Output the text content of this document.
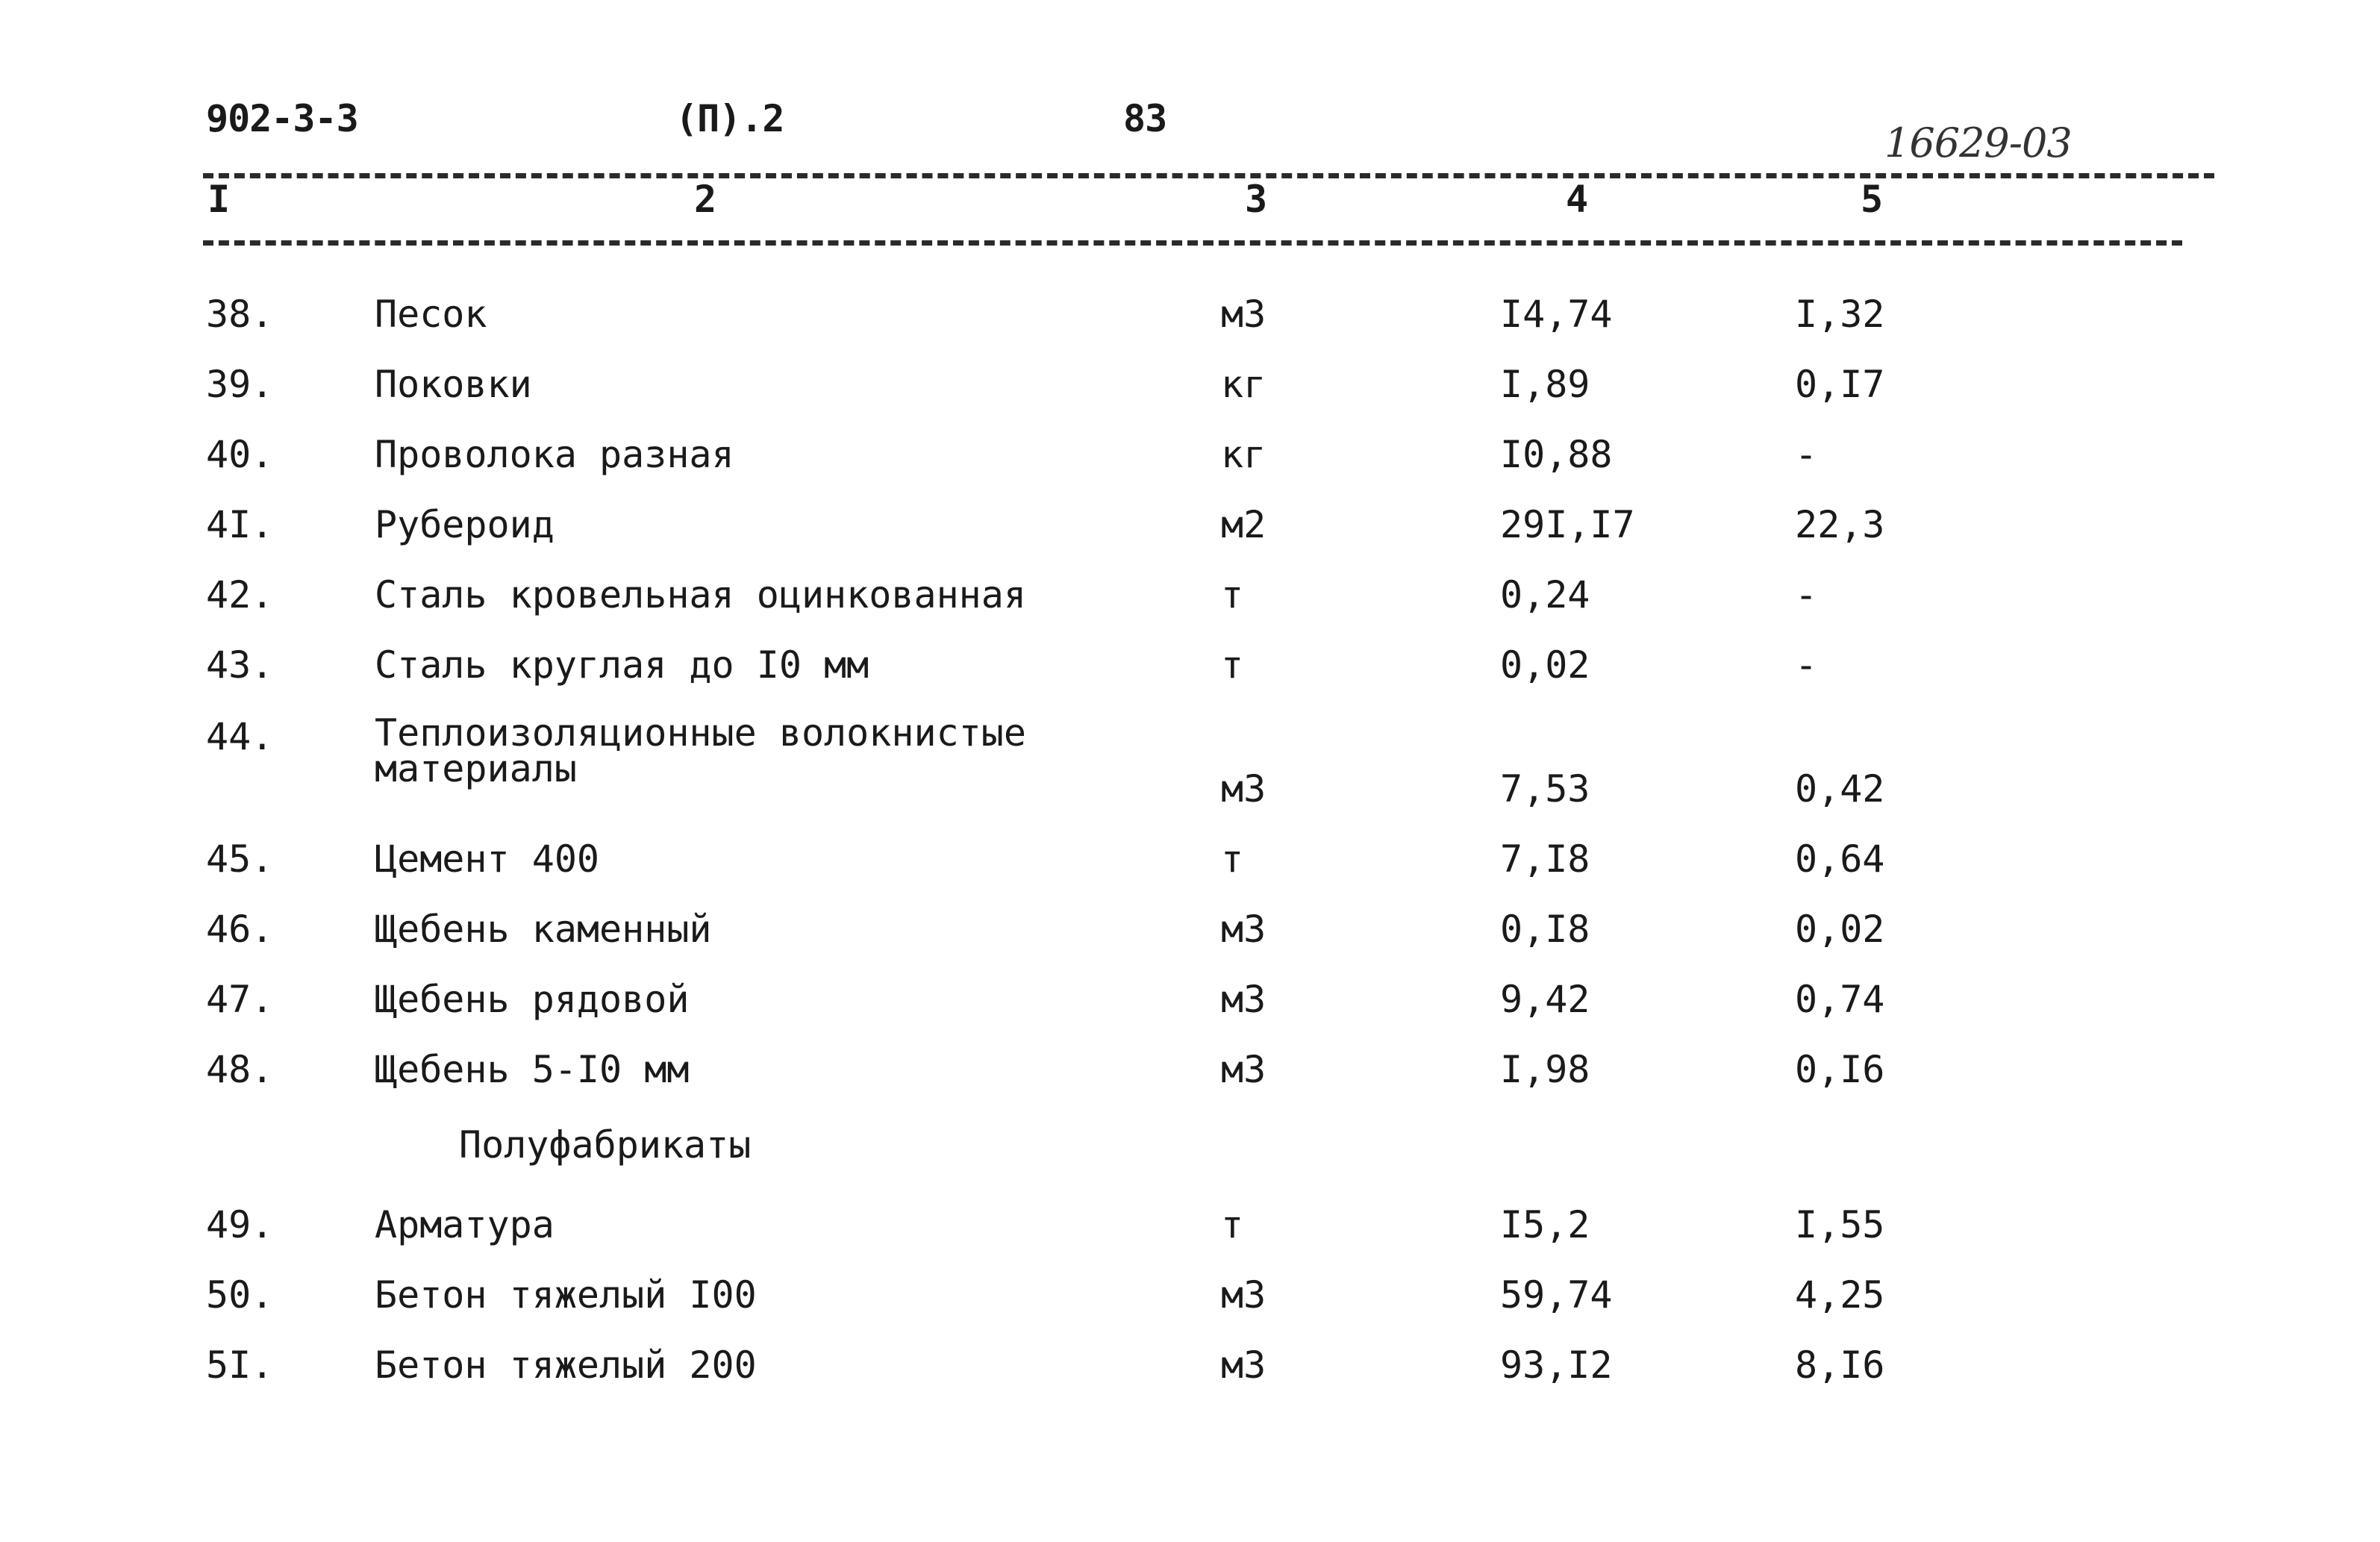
902-3-3	(П).2	83
16629-03
I	2	3	4	5
38.	Песок	м3	I4,74	I,32
39.	Поковки	кг	I,89	0,I7
40.	Проволока разная	кг	I0,88	-
4I.	Рубероид	м2	29I,I7	22,3
42.	Сталь кровельная оцинкованная	т	0,24	-
43.	Сталь круглая до I0 мм	т	0,02	-
44.	Теплоизоляционные волокнистые
материалы	м3	7,53	0,42
45.	Цемент 400	т	7,I8	0,64
46.	Щебень каменный	м3	0,I8	0,02
47.	Щебень рядовой	м3	9,42	0,74
48.	Щебень 5-I0 мм	м3	I,98	0,I6
Полуфабрикаты
49.	Арматура	т	I5,2	I,55
50.	Бетон тяжелый I00	м3	59,74	4,25
5I.	Бетон тяжелый 200	м3	93,I2	8,I6
